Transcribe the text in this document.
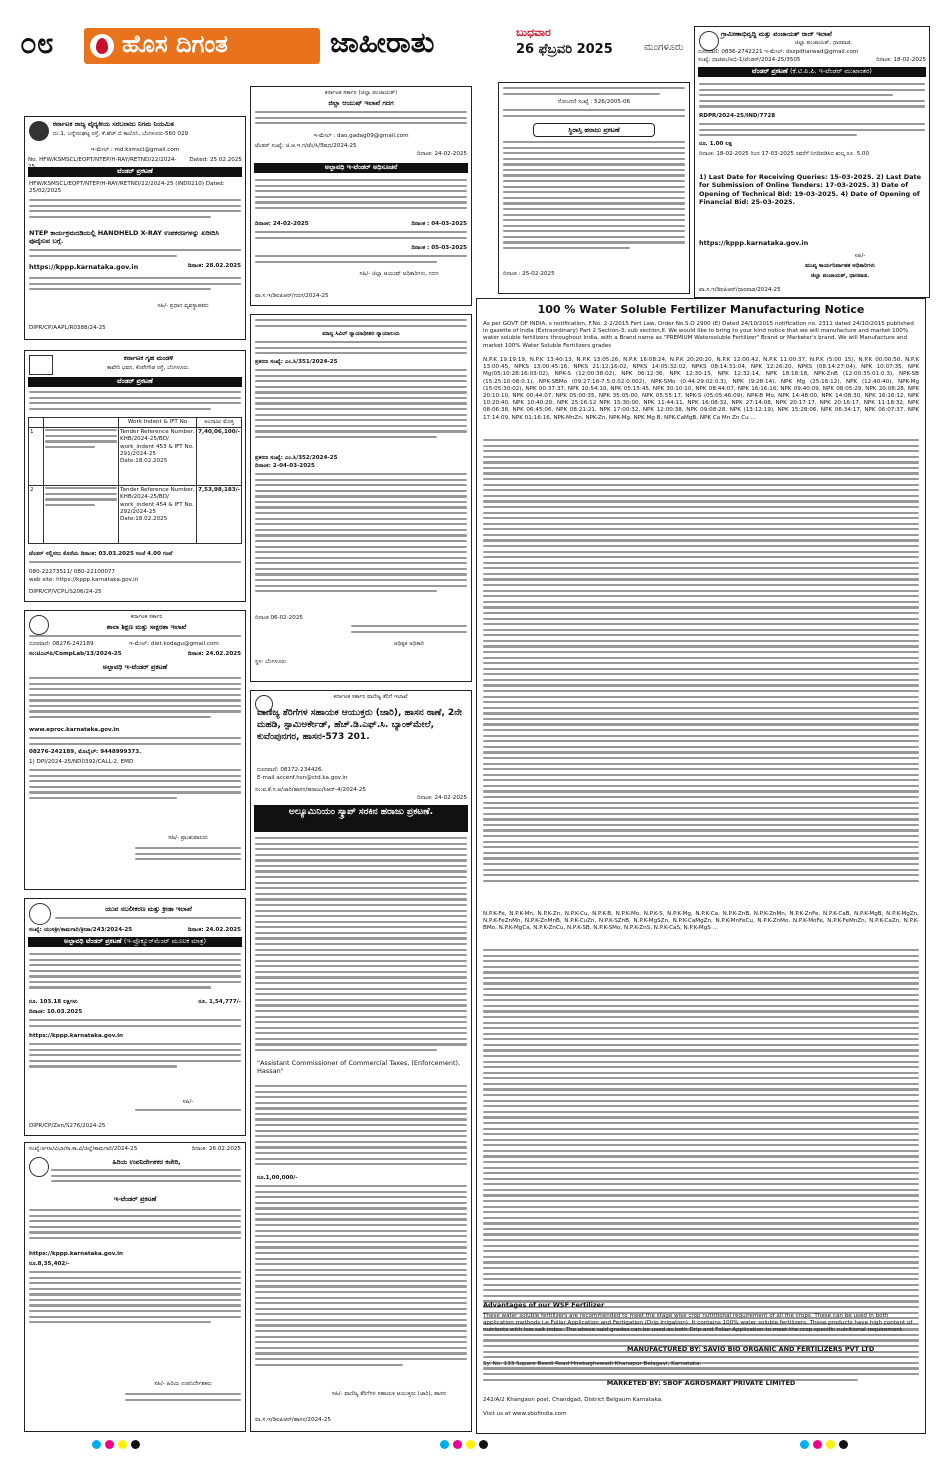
೦೮	ಹೊಸ ದಿಗಂತ	ಜಾಹೀರಾತು	ಬುಧವಾರ
26 ಫೆಬ್ರವರಿ 2025	ಮಂಗಳೂರು
ಗ್ರಾಮೀಣಾಭಿವೃದ್ಧಿ ಮತ್ತು ಪಂಚಾಯತ್ ರಾಜ್ ಇಲಾಖೆ
ಜಿಲ್ಲಾ ಪಂಚಾಯತ್, ಧಾರವಾಡ.
ದೂರವಾಣಿ: 0836-2742221 ಇ-ಮೇಲ್: dszpdharwad@gmail.com
ಸಂಖ್ಯೆ: ಧಾಜಿಪಂ/ಅಭಿ-1/ಟೆಂಡರ್/2024-25/3505	ದಿನಾಂಕ: 18-02-2025
ಟೆಂಡರ್ ಪ್ರಕಟಣೆ (ಕೆ.ಟಿ.ಪಿ.ಪಿ. ಇ-ಟೆಂಡರ್ ಮುಖಾಂತರ)
RDPR/2024-25/IND/7728
ರೂ. 1.00 ಲಕ್ಷ
ದಿನಾಂಕ: 18-02-2025 ರಿಂದ 17-03-2025 ರವರೆಗೆ ನಿಗದಿಪಡಿಸಿದ ಶುಲ್ಕ ರೂ. 5.00
1) Last Date for Receiving Queries: 15-03-2025. 2) Last Date for Submission of Online Tenders: 17-03-2025. 3) Date of Opening of Technical Bid: 19-03-2025. 4) Date of Opening of Financial Bid: 25-03-2025.
https://kppp.karnataka.gov.in
ಸಹಿ/-
ಮುಖ್ಯ ಕಾರ್ಯನಿರ್ವಾಹಕ ಅಧಿಕಾರಿಗಳು
ಜಿಲ್ಲಾ ಪಂಚಾಯತ್, ಧಾರವಾಡ.
ವಾ.ಸ.ಇ/ಡಿಐಪಿಆರ್/ಧಾರವಾಡ/2024-25
ಕರ್ನಾಟಕ ರಾಜ್ಯ ವೈದ್ಯಕೀಯ ಸರಬರಾಜು ನಿಗಮ ನಿಯಮಿತ
ನಂ.1, ಬನ್ನೇರುಘಟ್ಟ ರಸ್ತೆ, ಕೆ.ಹೆಚ್.ಬಿ ಕಾಲೊನಿ, ಬೆಂಗಳೂರು-560 029
ಇ-ಮೇಲ್ : md.ksmscl@gmail.com
No. HFW/KSMSCL/EQPT/NTEP/H-RAY/RETND/22/2024- Dated: 25.02.2025
ಟೆಂಡರ್ ಪ್ರಕಟಣೆ
HFW/KSMSCL/EQPT/NTEP/H-RAY/RETND/22/2024-25 (IND0210) Dated: 25/02/2025
NTEP ಕಾರ್ಯಕ್ರಮದಡಿಯಲ್ಲಿ HANDHELD X-RAY ಉಪಕರಣಗಳನ್ನು ಖರೀದಿಸಿ ಪೂರೈಸುವ ಬಗ್ಗೆ.
https://kppp.karnataka.gov.in	ದಿನಾಂಕ: 28.02.2025
ಸಹಿ/- ಪ್ರಧಾನ ವ್ಯವಸ್ಥಾಪಕರು
DIPR/CP/AAPL/R0388/24-25
ಕರ್ನಾಟಕ ಗೃಹ ಮಂಡಳಿ
ಕಾವೇರಿ ಭವನ, ಕೆಂಪೇಗೌಡ ರಸ್ತೆ, ಬೆಂಗಳೂರು.
ಟೆಂಡರ್ ಪ್ರಕಟಣೆ
		Work Indent & IFT No	ಅಂದಾಜು ಮೊತ್ತ
1		Tender Reference Number, KHB/2024-25/BD/ work_indent 453 & IFT No. 291/2024-25 Date:18.02.2025	7,40,06,100/-
2		Tender Reference Number, KHB/2024-25/BD/ work_indent 454 & IFT No. 292/2024-25 Date:18.02.2025	7,53,98,183/-
ಟೆಂಡರ್ ಸಲ್ಲಿಸಲು ಕೊನೆಯ ದಿನಾಂಕ: 03.03.2025 ಸಂಜೆ 4.00 ಗಂಟೆ
080-22273511/ 080-22100077
web site: https://kppp.karnataka.gov.in
DIPR/CP/VCPL/S206/24-25
ಕರ್ನಾಟಕ ಸರ್ಕಾರ
ಶಾಲಾ ಶಿಕ್ಷಣ ಮತ್ತು ಸಾಕ್ಷರತಾ ಇಲಾಖೆ
ದೂರವಾಣಿ: 08276-242189	ಇ-ಮೇಲ್: diet.kodagu@gmail.com
ಸಂ:ಟಿಎಲ್‌ಪಿ/CompLab/13/2024-25	ದಿನಾಂಕ: 24.02.2025
ಅಲ್ಪಾವಧಿ ಇ-ಟೆಂಡರ್ ಪ್ರಕಟಣೆ
www.eproc.karnataka.gov.in
08276-242189, ಮೊಬೈಲ್: 9448999373.
1) DPI/2024-25/ND0392/CALL-2, EMD
ಸಹಿ/- ಪ್ರಾಂಶುಪಾಲರು
ಯುವ ಸಬಲೀಕರಣ ಮತ್ತು ಕ್ರೀಡಾ ಇಲಾಖೆ
ಸಂಖ್ಯೆ: ಯುಸಕ್ರೀ/ಕಾಮಗಾರಿ/ಕ್ರೀಡಾ/243/2024-25	ದಿನಾಂಕ: 24.02.2025
ಅಲ್ಪಾವಧಿ ಟೆಂಡರ್ ಪ್ರಕಟಣೆ (ಇ-ಪ್ರೊಕ್ಯೂರ್‌ಮೆಂಟ್ ಮೂಲಕ ಮಾತ್ರ)
ರೂ. 103.18 ಲಕ್ಷಗಳು	ರೂ. 1,54,777/-
ದಿನಾಂಕ: 10.03.2025
https://kppp.karnataka.gov.in
ಸಹಿ/-
DIPR/CP/Zen/S276/2024-25
ಸಂಖ್ಯೆ:ಅಇಅ/ವಿಭಾ/ಸಾ.ಕಾ.ವಿ/ಜಿಲ್ಲೆ/ಕಾಮಗಾರಿ/2024-25	ದಿನಾಂಕ: 26.02.2025
ಹಿರಿಯ ಉಪನಿರ್ದೇಶಕರ ಕಚೇರಿ,
ಇ-ಟೆಂಡರ್ ಪ್ರಕಟಣೆ
https://kppp.karnataka.gov.in
ರೂ.8,35,402/-
ಸಹಿ/- ಹಿರಿಯ ಉಪನಿರ್ದೇಶಕರು
ಕರ್ನಾಟಕ ಸರ್ಕಾರ (ಜಿಲ್ಲಾ ಪಂಚಾಯತ್)
ಜಿಲ್ಲಾ ಆಯುಷ್ ಇಲಾಖೆ ಗದಗ
ಇ-ಮೇಲ್ : dao.gadag09@gmail.com
ಟೆಂಡರ್ ಸಂಖ್ಯೆ: ಜಿ.ಆ.ಇ.ಗ/ಟೆಂ/ಸಿ/ಔಷಧ/2024-25
ದಿನಾಂಕ: 24-02-2025
ಅಲ್ಪಾವಧಿ ಇ-ಟೆಂಡರ್ ಅಧಿಸೂಚನೆ
ದಿನಾಂಕ: 24-02-2025	ದಿನಾಂಕ : 04-03-2025
ದಿನಾಂಕ : 05-03-2025
ಸಹಿ/- ಜಿಲ್ಲಾ ಆಯುಷ್ ಅಧಿಕಾರಿಗಳು, ಗದಗ
ವಾ.ಸ.ಇ/ಡಿಐಪಿಆರ್/ಗದಗ/2024-25
ಮಾನ್ಯ ಸಿವಿಲ್ ನ್ಯಾಯಾಧೀಶರ ನ್ಯಾಯಾಲಯ
ಪ್ರಕರಣ ಸಂಖ್ಯೆ: ಎಂ.ಸಿ/351/2024-25
ಪ್ರಕರಣ ಸಂಖ್ಯೆ: ಎಂ.ಸಿ/352/2024-25
ದಿನಾಂಕ: 2-04-03-2025
ದಿನಾಂಕ 06-02-2025
ಅಧಿಕೃತ ಅಧಿಕಾರಿ
ಸ್ಥಳ: ಬೆಂಗಳೂರು
ಕರ್ನಾಟಕ ಸರ್ಕಾರ ವಾಣಿಜ್ಯ ತೆರಿಗೆ ಇಲಾಖೆ
ವಾಣಿಜ್ಯ ತೆರಿಗೆಗಳ ಸಹಾಯಕ ಆಯುಕ್ತರು (ಜಾರಿ), ಹಾಸನ ಠಾಣೆ, 2ನೇ ಮಹಡಿ, ಸ್ಪಾಮಿಅರ್ಕೇಡ್, ಹೆಚ್.ಡಿ.ಎಫ್.ಸಿ. ಬ್ಯಾಂಕ್‌ಮೇಲೆ, ಕುವೆಂಪುನಗರ, ಹಾಸನ-573 201.
ದೂರವಾಣಿ: 08172-234426.
E-mail accenf.hsn@ctd.ka.gov.in
ಸಂ:ವ.ತೆ.ಸ.ಆ/ಜಾರಿ/ಹಾಸನ/ಹರಾಜು/ಸಿಆರ್-4/2024-25
ದಿನಾಂಕ: 24-02-2025
ಅಲ್ಯೂಮಿನಿಯಂ ಸ್ಕ್ರಾಪ್ ಸರಕಿನ ಹರಾಜು ಪ್ರಕಟಣೆ.
"Assistant Commissioner of Commercial Taxes, (Enforcement), Hassan"
ರೂ.1,00,000/-
ಸಹಿ/- ವಾಣಿಜ್ಯ ತೆರಿಗೆಗಳ ಸಹಾಯಕ ಆಯುಕ್ತರು (ಜಾರಿ), ಹಾಸನ
ವಾ.ಸ.ಇ/ಡಿಐಪಿಆರ್/ಹಾಸನ/2024-25
ನೋಂದಣಿ ಸಂಖ್ಯೆ : 526/2005-06
ಸ್ಥಿರಾಸ್ತಿ ಹರಾಜು ಪ್ರಕಟಣೆ
ದಿನಾಂಕ : 25-02-2025
100 % Water Soluble Fertilizer Manufacturing Notice
As per GOVT OF INDIA, s notification, F.No. 2-2/2015 Fert Law, Order No.S.O 2900 (E) Dated 24/10/2015 notification no. 2311 dated 24/10/2015 published in gazette of India (Extraordinary) Part 2 Section-3, sub section,II. We would like to bring to your kind notice that we will manufacture and market 100% water soluble fertilizers throughout India, with a Brand name as "PREMIUM Watersoluble Fertilizer" Brand or Marketer's brand. We will Manufacture and market 100% Water Soluble Fertilizers grades
N.P.K 19:19:19, N.P.K 13:40:13, N.P.K 13:05:26, N.P.K 16:08:24, N.P.K 20:20:20, N.P.K 12:00:42, N.P.K 11:00:37, N.P.K (5:00 15), N.P.K 00:00:50, N.P.K 13:00:45, NPKS 13:00:45:16, NPKS 21:12:16:02, NPKS 14:05:32:02, NPKS 08:14:31:04, NPK 12:26:20, NPKS (08:14:27:04), NPK 10:07:35, NPK Mg(05:10:28:16:03:02), NPK-S (12:00:38:02), NPK 06:12:36, NPK 12:30:15, NPK 12:32:14, NPK 18:18:18, NPK-ZnB (12:00:35:01:0.3), NPK-SB (15:25:10:08:0.1), NPK-SBMo (09:27:18-7.5:0.02:0.002), NPK-SMo (0:44:29:02:0.3), NPK (9:28:14), NPK Mg (25:16:12), NPK (12:40:40), NPK-Mg (15:05:30:02), NPK 00:37:37, NPK 10:54:10, NPK 05:15:45, NPK 30:10:10, NPK 08:44:07, NPK 16:16:16, NPK 09:40:09, NPK 08:05:29, NPK 20:08:28, NPK 20:10:10, NPK 00:44:07, NPK 05:00:35, NPK 35:05:00, NPK 05:55:17, NPK-S (05:05:46:09), NPK-B Mo, NPK 14:48:00, NPK 14:08:30, NPK 16:16:12, NPK 10:20:40, NPK 10:40:20, NPK 25:16:12 NPK 15:30:00, NPK 11:44:11, NPK 16:08:32, NPK 27:14:08, NPK 20:17:17, NPK 20:16:17, NPK 11:18:32, NPK 08:06:38, NPK 06:45:06, NPK 08:21:21, NPK 17:00:32, NPK 12:00:38, NPK 09:08:28, NPK (13:12:19), NPK 15:28:06, NPK 06:34:17, NPK 06:07:37, NPK 17:14:09, NPK 01:16:16, NPK-MnZn, NPK-Zn, NPK-Mg, NPK Mg B, NPK-CaMgB, NPK Ca Mn Zn Cu ...
N.P.K-Fe, N.P.K-Mn, N.P.K-Zn, N.P.K-Cu, N.P.K-B, N.P.K-Mo, N.P.K-S, N.P.K-Mg, N.P.K-Ca, N.P.K-ZnB, N.P.K-ZnMn, N.P.K-ZnFe, N.P.K-CaB, N.P.K-MgB, N.P.K-MgZn, N.P.K-FeZnMn, N.P.K-ZnMnB, N.P.K-CuZn, N.P.K-SZnB, N.P.K-MgSZn, N.P.K-CaMgZn, N.P.K-MnFeCu, N.P.K-ZnMo, N.P.K-MoFe, N.P.K-FeMnZn, N.P.K-CaZn, N.P.K-BMo, N.P.K-MgCa, N.P.K-ZnCu, N.P.K-SB, N.P.K-SMo, N.P.K-ZnS, N.P.K-CaS, N.P.K-MgS ...
Advantages of our WSF Fertilizer
These water soluble fertilizers are recommended to meet the stage wise crop nutritional requirement of all the crops. These can be used in both application methods i.e Foliar Application and Fertigation (Drip Irrigation). It contains 100% water soluble fertilizers. These products have high content of nutrients with low salt index. The above said grades can be used as both Drip and Foliar Application to meet the crop specific nutritional requirement.
MANUFACTURED BY: SAVIO BIO ORGANIC AND FERTILIZERS PVT LTD
Sy. No. 133 Sapare Beedi Road Hirebaghewadi Khanapur Belagavi, Karnataka.
MARKETED BY: SBOF AGROSMART PRIVATE LIMITED
242/A/2 Khangaon post, Chandgad, District Belgaum Karnataka.
Visit us at www.sbofindia.com
